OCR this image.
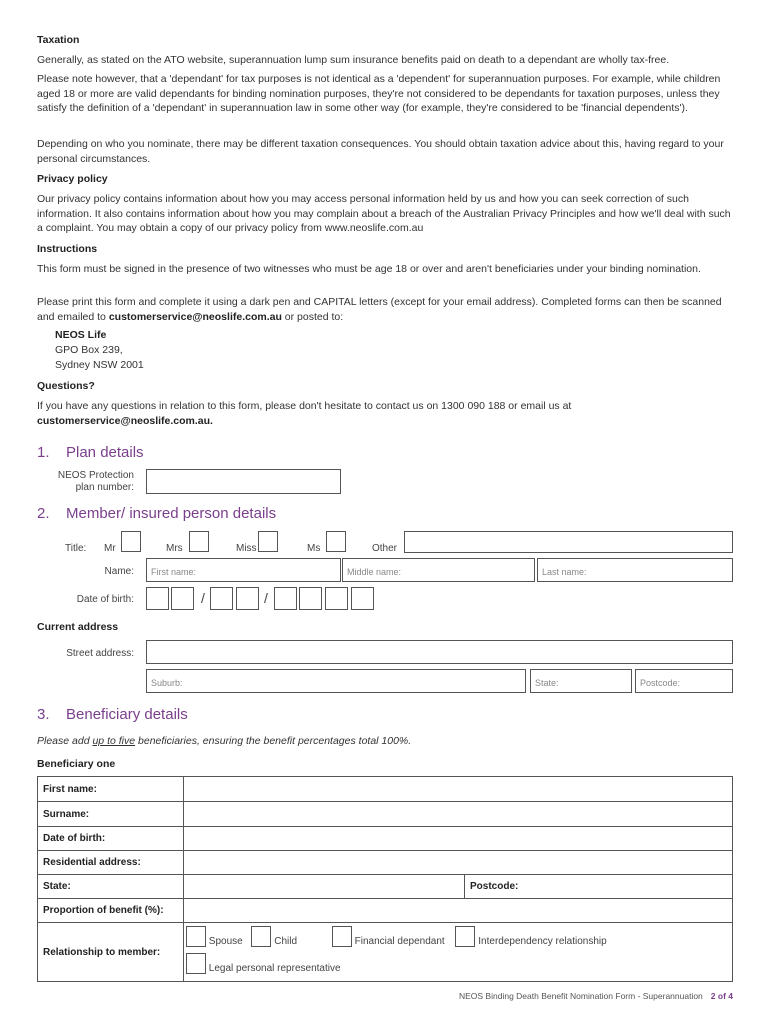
Taxation
Generally, as stated on the ATO website, superannuation lump sum insurance benefits paid on death to a dependant are wholly tax-free.
Please note however, that a 'dependant' for tax purposes is not identical as a 'dependent' for superannuation purposes. For example, while children aged 18 or more are valid dependants for binding nomination purposes, they're not considered to be dependants for taxation purposes, unless they satisfy the definition of a 'dependant' in superannuation law in some other way (for example, they're considered to be 'financial dependents').
Depending on who you nominate, there may be different taxation consequences. You should obtain taxation advice about this, having regard to your personal circumstances.
Privacy policy
Our privacy policy contains information about how you may access personal information held by us and how you can seek correction of such information. It also contains information about how you may complain about a breach of the Australian Privacy Principles and how we'll deal with such a complaint. You may obtain a copy of our privacy policy from www.neoslife.com.au
Instructions
This form must be signed in the presence of two witnesses who must be age 18 or over and aren't beneficiaries under your binding nomination.
Please print this form and complete it using a dark pen and CAPITAL letters (except for your email address). Completed forms can then be scanned and emailed to customerservice@neoslife.com.au or posted to:
NEOS Life
GPO Box 239,
Sydney NSW 2001
Questions?
If you have any questions in relation to this form, please don't hesitate to contact us on 1300 090 188 or email us at
customerservice@neoslife.com.au.
1. Plan details
NEOS Protection
plan number:
2. Member/ insured person details
Title: Mr	Mrs	Miss	Ms	Other
Name: First name:	Middle name:	Last name:
Date of birth:	/	/
Current address
Street address:
Suburb:	State:	Postcode:
3. Beneficiary details
Please add up to five beneficiaries, ensuring the benefit percentages total 100%.
Beneficiary one
First name:		
Surname:		
Date of birth:		
Residential address:		
State:		Postcode:
Proportion of benefit (%):		
Relationship to member:	Spouse Child Financial dependant Interdependency relationship
Legal personal representative	
NEOS Binding Death Benefit Nomination Form - Superannuation 2 of 4
